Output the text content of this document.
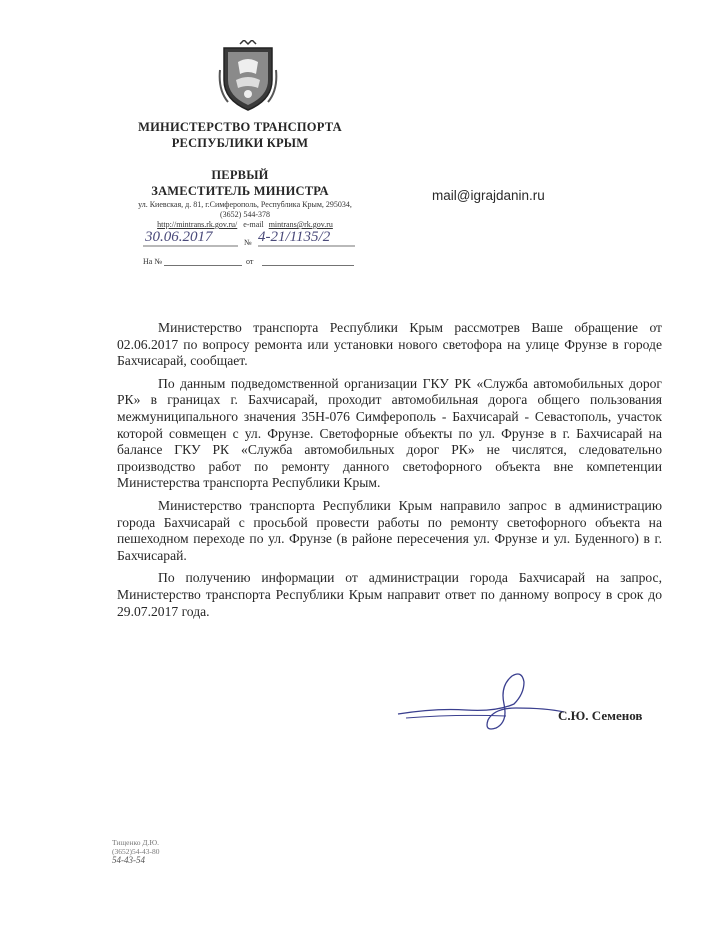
МИНИСТЕРСТВО ТРАНСПОРТА
РЕСПУБЛИКИ КРЫМ
ПЕРВЫЙ
ЗАМЕСТИТЕЛЬ МИНИСТРА
ул. Киевская, д. 81, г.Симферополь, Республика Крым, 295034,
(3652) 544-378
http://mintrans.rk.gov.ru/ e-mail mintrans@rk.gov.ru
30.06.2017	№ 4-21/1135/2
На №	от
mail@igrajdanin.ru

Министерство транспорта Республики Крым рассмотрев Ваше обращение от 02.06.2017 по вопросу ремонта или установки нового светофора на улице Фрунзе в городе Бахчисарай, сообщает.

По данным подведомственной организации ГКУ РК «Служба автомобильных дорог РК» в границах г. Бахчисарай, проходит автомобильная дорога общего пользования межмуниципального значения 35Н-076 Симферополь - Бахчисарай - Севастополь, участок которой совмещен с ул. Фрунзе. Светофорные объекты по ул. Фрунзе в г. Бахчисарай на балансе ГКУ РК «Служба автомобильных дорог РК» не числятся, следовательно производство работ по ремонту данного светофорного объекта вне компетенции Министерства транспорта Республики Крым.

Министерство транспорта Республики Крым направило запрос в администрацию города Бахчисарай с просьбой провести работы по ремонту светофорного объекта на пешеходном переходе по ул. Фрунзе (в районе пересечения ул. Фрунзе и ул. Буденного) в г. Бахчисарай.

По получению информации от администрации города Бахчисарай на запрос, Министерство транспорта Республики Крым направит ответ по данному вопросу в срок до 29.07.2017 года.

С.Ю. Семенов
Тищенко Д.Ю.
(3652)54-43-80
54-43-54
